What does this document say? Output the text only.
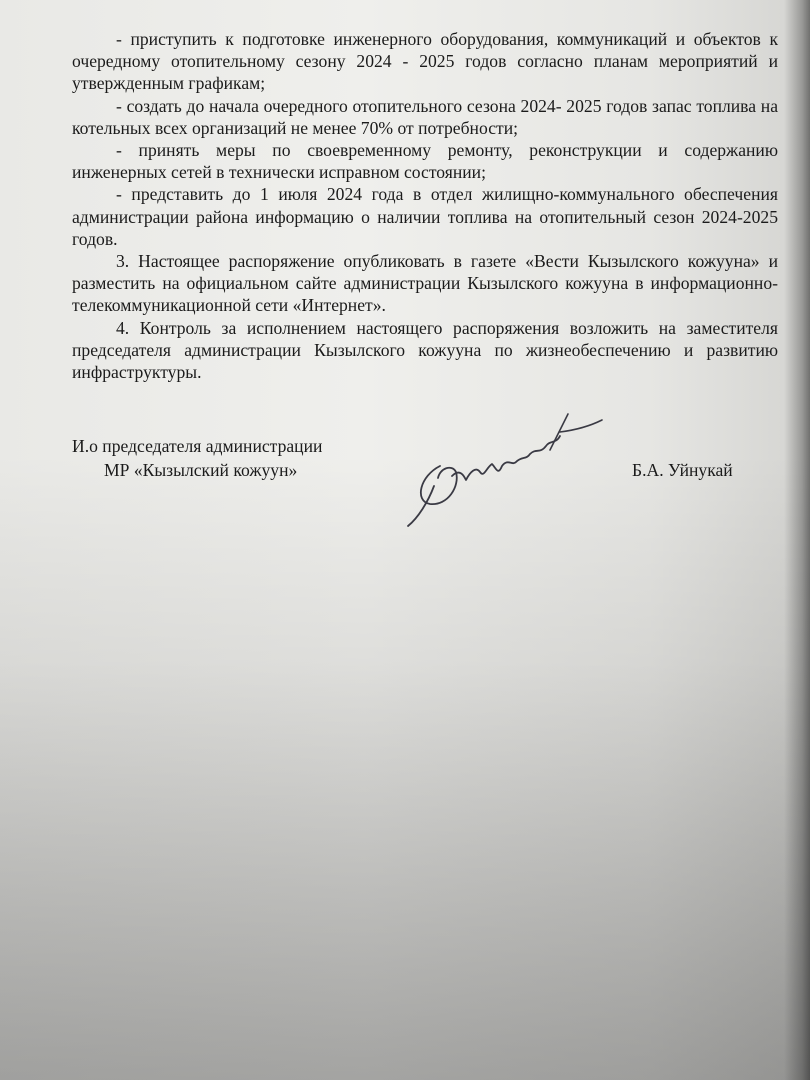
- приступить к подготовке инженерного оборудования, коммуникаций и объектов к очередному отопительному сезону 2024 - 2025 годов согласно планам мероприятий и утвержденным графикам;

- создать до начала очередного отопительного сезона 2024- 2025 годов запас топлива на котельных всех организаций не менее 70% от потребности;

- принять меры по своевременному ремонту, реконструкции и содержанию инженерных сетей в технически исправном состоянии;

- представить до 1 июля 2024 года в отдел жилищно-коммунального обеспечения администрации района информацию о наличии топлива на отопительный сезон 2024-2025 годов.

3. Настоящее распоряжение опубликовать в газете «Вести Кызылского кожууна» и разместить на официальном сайте администрации Кызылского кожууна в информационно-телекоммуникационной сети «Интернет».

4. Контроль за исполнением настоящего распоряжения возложить на заместителя председателя администрации Кызылского кожууна по жизнеобеспечению и развитию инфраструктуры.

И.о председателя администрации
МР «Кызылский кожуун»	Б.А. Уйнукай
